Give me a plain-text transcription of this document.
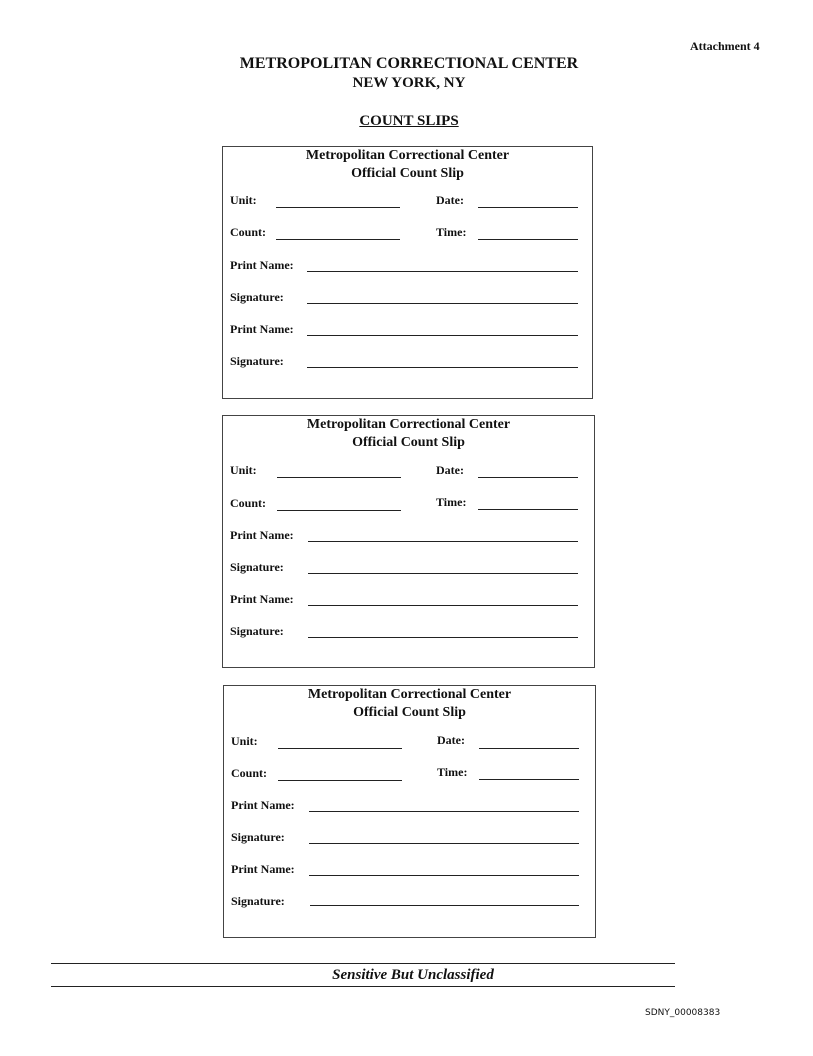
Attachment 4
METROPOLITAN CORRECTIONAL CENTER
NEW YORK, NY
COUNT SLIPS
Metropolitan Correctional Center
Official Count Slip
Unit:	Date:
Count:	Time:
Print Name:
Signature:
Print Name:
Signature:
Metropolitan Correctional Center
Official Count Slip
Unit:	Date:
Count:	Time:
Print Name:
Signature:
Print Name:
Signature:
Metropolitan Correctional Center
Official Count Slip
Unit:	Date:
Count:	Time:
Print Name:
Signature:
Print Name:
Signature:
Sensitive But Unclassified
SDNY_00008383
